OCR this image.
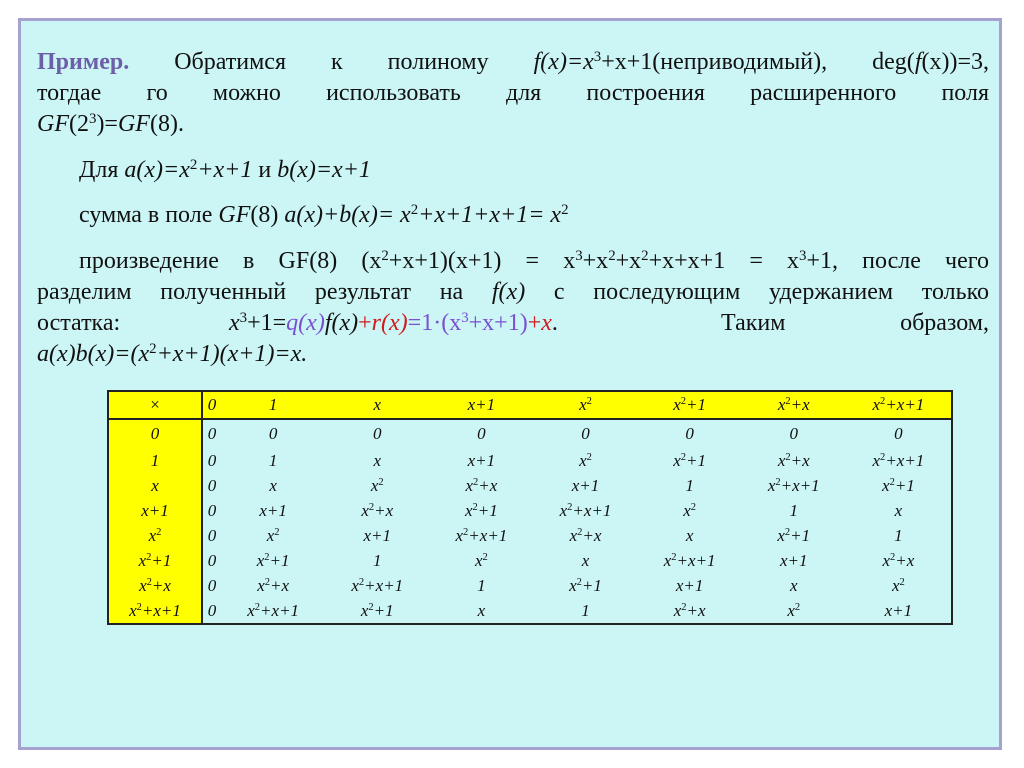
Пример. Обратимся к полиному $f(x)=x^3+x+1(неприводимый)$, deg(f(x))=3,

тогдае го можно использовать для построения расширенного поля

$GF(2^3)=GF(8)$.

Для $a(x)=x^2+x+1$ и b(x)=x+1

сумма в поле GF(8) $a(x)+b(x)= x^2+x+1+x+1= x^2$

произведение в GF(8) $(x^2+x+1)(x+1) = x^3+x^2+x^2+x+x+1 = x^3+1$, после чего

разделим полученный результат на f(x) с последующим удержанием только

остатка:	$x^3+1=q(x)f(x)+r(x)=1\cdot(x^3+x+1)+x$.	Таким	образом,

$a(x)b(x)=(x^2+x+1)(x+1)=x$.

×	0	1	x	x+1	$x^2$	$x^2+1$	$x^2+x$	$x^2+x+1$
0	0	0	0	0	0	0	0	0
1	0	1	x	x+1	$x^2$	$x^2+1$	$x^2+x$	$x^2+x+1$
x	0	x	$x^2$	$x^2+x$	x+1	1	$x^2+x+1$	$x^2+1$
x+1	0	x+1	$x^2+x$	$x^2+1$	$x^2+x+1$	$x^2$	1	x
$x^2$	0	$x^2$	x+1	$x^2+x+1$	$x^2+x$	x	$x^2+1$	1
$x^2+1$	0	$x^2+1$	1	$x^2$	x	$x^2+x+1$	x+1	$x^2+x$
$x^2+x$	0	$x^2+x$	$x^2+x+1$	1	$x^2+1$	x+1	x	$x^2$
$x^2+x+1$	0	$x^2+x+1$	$x^2+1$	x	1	$x^2+x$	$x^2$	x+1
